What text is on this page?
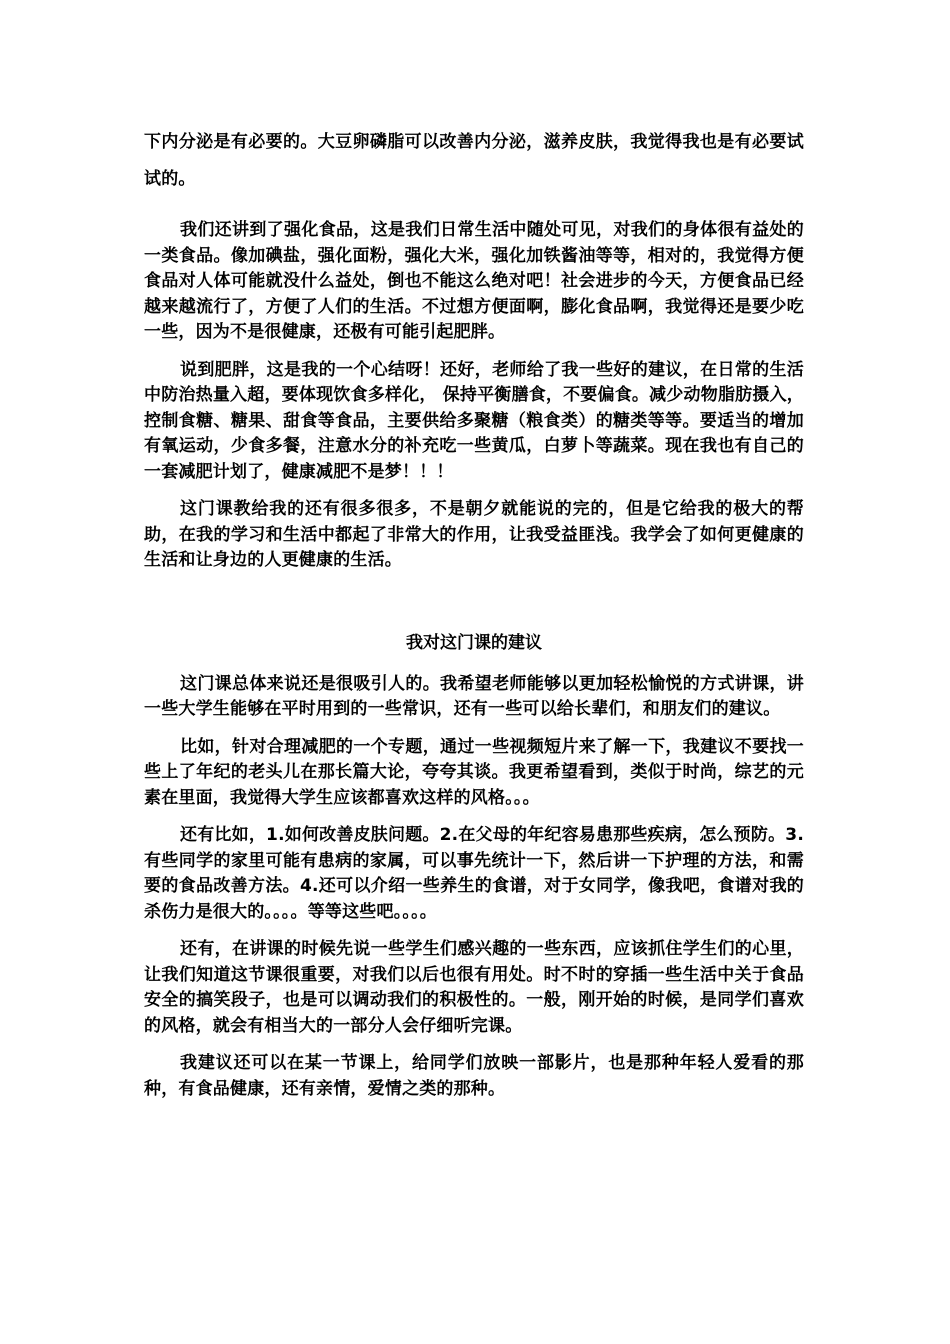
下内分泌是有必要的。大豆卵磷脂可以改善内分泌，滋养皮肤，我觉得我也是有必要试试的。

我们还讲到了强化食品，这是我们日常生活中随处可见，对我们的身体很有益处的一类食品。像加碘盐，强化面粉，强化大米，强化加铁酱油等等，相对的，我觉得方便食品对人体可能就没什么益处，倒也不能这么绝对吧！社会进步的今天，方便食品已经越来越流行了，方便了人们的生活。不过想方便面啊，膨化食品啊，我觉得还是要少吃一些，因为不是很健康，还极有可能引起肥胖。

说到肥胖，这是我的一个心结呀！还好，老师给了我一些好的建议，在日常的生活中防治热量入超，要体现饮食多样化， 保持平衡膳食，不要偏食。减少动物脂肪摄入，控制食糖、糖果、甜食等食品，主要供给多聚糖（粮食类）的糖类等等。要适当的增加有氧运动，少食多餐，注意水分的补充吃一些黄瓜，白萝卜等蔬菜。现在我也有自己的一套减肥计划了，健康减肥不是梦！！！

这门课教给我的还有很多很多，不是朝夕就能说的完的，但是它给我的极大的帮助，在我的学习和生活中都起了非常大的作用，让我受益匪浅。我学会了如何更健康的生活和让身边的人更健康的生活。

我对这门课的建议

这门课总体来说还是很吸引人的。我希望老师能够以更加轻松愉悦的方式讲课，讲一些大学生能够在平时用到的一些常识，还有一些可以给长辈们，和朋友们的建议。

比如，针对合理减肥的一个专题，通过一些视频短片来了解一下，我建议不要找一些上了年纪的老头儿在那长篇大论，夸夸其谈。我更希望看到，类似于时尚，综艺的元素在里面，我觉得大学生应该都喜欢这样的风格。。。

还有比如，1.如何改善皮肤问题。2.在父母的年纪容易患那些疾病，怎么预防。3.有些同学的家里可能有患病的家属，可以事先统计一下，然后讲一下护理的方法，和需要的食品改善方法。4.还可以介绍一些养生的食谱，对于女同学，像我吧，食谱对我的杀伤力是很大的。。。。等等这些吧。。。。

还有，在讲课的时候先说一些学生们感兴趣的一些东西，应该抓住学生们的心里，让我们知道这节课很重要，对我们以后也很有用处。时不时的穿插一些生活中关于食品安全的搞笑段子，也是可以调动我们的积极性的。一般，刚开始的时候，是同学们喜欢的风格，就会有相当大的一部分人会仔细听完课。

我建议还可以在某一节课上，给同学们放映一部影片，也是那种年轻人爱看的那种，有食品健康，还有亲情，爱情之类的那种。
